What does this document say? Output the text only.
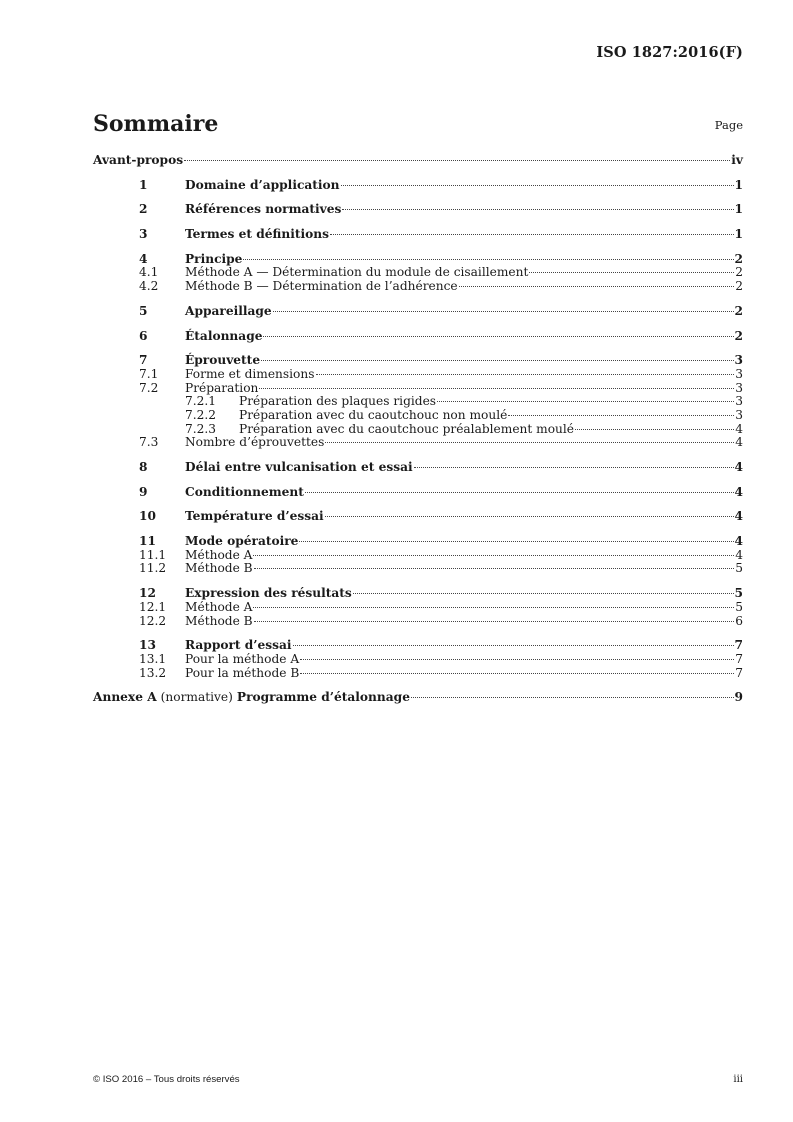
ISO 1827:2016(F)
Sommaire	Page
Avant-propos	iv
1	Domaine d’application	1
2	Références normatives	1
3	Termes et définitions	1
4	Principe	2
4.1	Méthode A — Détermination du module de cisaillement	2
4.2	Méthode B — Détermination de l’adhérence	2
5	Appareillage	2
6	Étalonnage	2
7	Éprouvette	3
7.1	Forme et dimensions	3
7.2	Préparation	3
7.2.1	Préparation des plaques rigides	3
7.2.2	Préparation avec du caoutchouc non moulé	3
7.2.3	Préparation avec du caoutchouc préalablement moulé	4
7.3	Nombre d’éprouvettes	4
8	Délai entre vulcanisation et essai	4
9	Conditionnement	4
10	Température d’essai	4
11	Mode opératoire	4
11.1	Méthode A	4
11.2	Méthode B	5
12	Expression des résultats	5
12.1	Méthode A	5
12.2	Méthode B	6
13	Rapport d’essai	7
13.1	Pour la méthode A	7
13.2	Pour la méthode B	7
Annexe A (normative) Programme d’étalonnage	9
© ISO 2016 – Tous droits réservés	iii
